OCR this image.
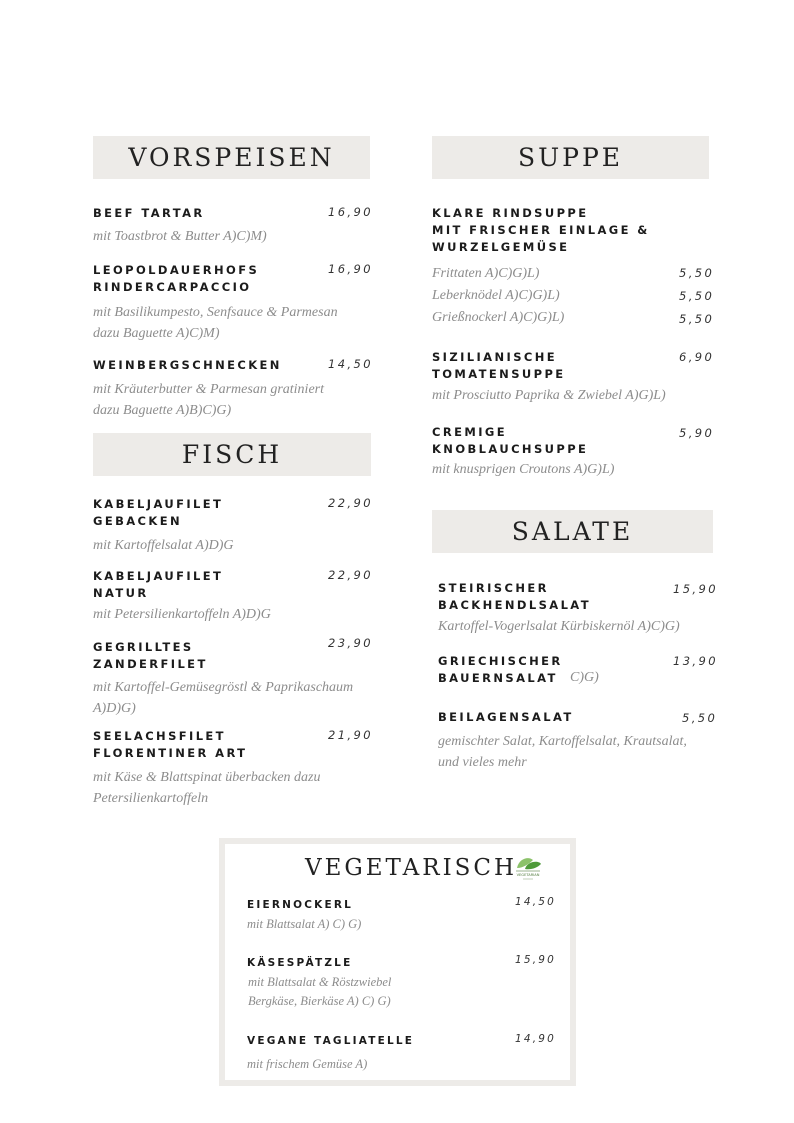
VORSPEISEN
BEEF TARTAR	16,90
mit Toastbrot & Butter A)C)M)
LEOPOLDAUERHOFS
RINDERCARPACCIO
16,90
mit Basilikumpesto, Senfsauce & Parmesan
dazu Baguette A)C)M)
WEINBERGSCHNECKEN	14,50
mit Kräuterbutter & Parmesan gratiniert
dazu Baguette A)B)C)G)
FISCH
KABELJAUFILET
GEBACKEN
22,90
mit Kartoffelsalat A)D)G
KABELJAUFILET
NATUR
22,90
mit Petersilienkartoffeln A)D)G
GEGRILLTES
ZANDERFILET
23,90
mit Kartoffel-Gemüsegröstl & Paprikaschaum
A)D)G)
SEELACHSFILET
FLORENTINER ART
21,90
mit Käse & Blattspinat überbacken dazu
Petersilienkartoffeln
SUPPE
KLARE RINDSUPPE
MIT FRISCHER EINLAGE &
WURZELGEMÜSE
Frittaten A)C)G)L)	5,50
Leberknödel A)C)G)L)	5,50
Grießnockerl A)C)G)L)	5,50
SIZILIANISCHE
TOMATENSUPPE
6,90
mit Prosciutto Paprika & Zwiebel A)G)L)
CREMIGE
KNOBLAUCHSUPPE
5,90
mit knusprigen Croutons A)G)L)
SALATE
STEIRISCHER
BACKHENDLSALAT
15,90
Kartoffel-Vogerlsalat Kürbiskernöl A)C)G)
GRIECHISCHER
BAUERNSALAT
13,90
C)G)
BEILAGENSALAT	5,50
gemischter Salat, Kartoffelsalat, Krautsalat,
und vieles mehr
VEGETARISCH VEGETARIAN
EIERNOCKERL	14,50
mit Blattsalat A) C) G)
KÄSESPÄTZLE	15,90
mit Blattsalat & Röstzwiebel
Bergkäse, Bierkäse A) C) G)
VEGANE TAGLIATELLE	14,90
mit frischem Gemüse A)
